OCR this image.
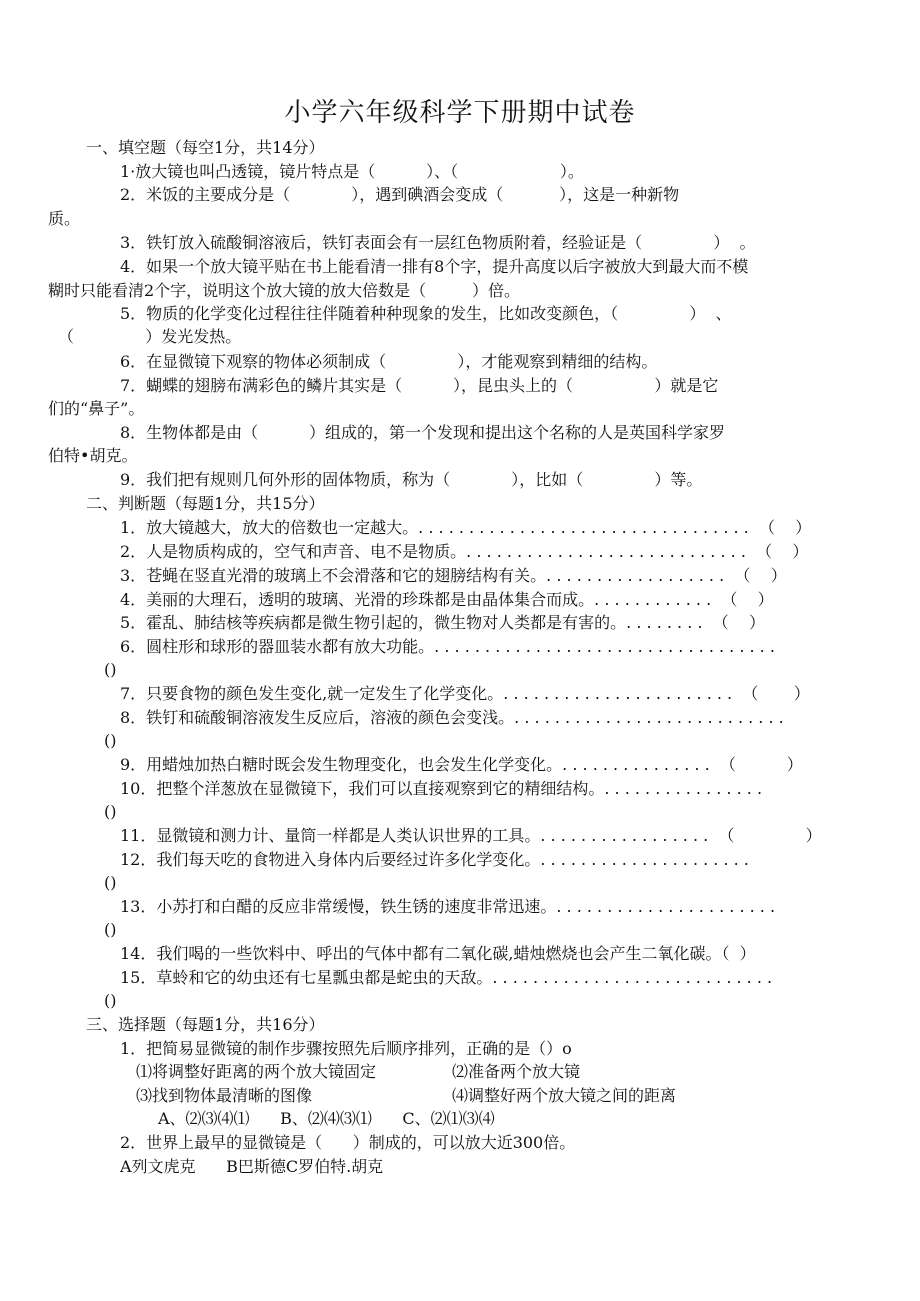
小学六年级科学下册期中试卷
一、填空题（每空1分，共14分）
1·放大镜也叫凸透镜，镜片特点是（          ）、（                    ）。
2．米饭的主要成分是（            ），遇到碘酒会变成（           ），这是一种新物
质。
3．铁钉放入硫酸铜溶液后，铁钉表面会有一层红色物质附着，经验证是（              ）  。
4．如果一个放大镜平贴在书上能看清一排有8个字，提升高度以后字被放大到最大而不模
糊时只能看清2个字，说明这个放大镜的放大倍数是（         ）倍。
5．物质的化学变化过程往往伴随着种种现象的发生，比如改变颜色，（              ）  、
（              ）发光发热。
6．在显微镜下观察的物体必须制成（              ），才能观察到精细的结构。
7．蝴蝶的翅膀布满彩色的鳞片其实是（          ），昆虫头上的（                ）就是它
们的“鼻子”。
8．生物体都是由（          ）组成的，第一个发现和提出这个名称的人是英国科学家罗
伯特•胡克。
9．我们把有规则几何外形的固体物质，称为（            ），比如（              ）等。
二、判断题（每题1分，共15分）
1．放大镜越大，放大的倍数也一定越大。. . . . . . . . . . . . . . . . . . . . . . . . . . . . . . . . .  （    ）
2．人是物质构成的，空气和声音、电不是物质。. . . . . . . . . . . . . . . . . . . . . . . . . . . .  （    ）
3．苍蝇在竖直光滑的玻璃上不会滑落和它的翅膀结构有关。. . . . . . . . . . . . . . . . . .  （    ）
4．美丽的大理石，透明的玻璃、光滑的珍珠都是由晶体集合而成。. . . . . . . . . . . .  （    ）
5．霍乱、肺结核等疾病都是微生物引起的，微生物对人类都是有害的。. . . . . . . .  （    ）
6．圆柱形和球形的器皿装水都有放大功能。. . . . . . . . . . . . . . . . . . . . . . . . . . . . . . . . . .
()
7．只要食物的颜色发生变化,就一定发生了化学变化。. . . . . . . . . . . . . . . . . . . . . . .  （       ）
8．铁钉和硫酸铜溶液发生反应后，溶液的颜色会变浅。. . . . . . . . . . . . . . . . . . . . . . . . . . .
()
9．用蜡烛加热白糖时既会发生物理变化，也会发生化学变化。. . . . . . . . . . . . . . .  （          ）
10．把整个洋葱放在显微镜下，我们可以直接观察到它的精细结构。. . . . . . . . . . . . . . . .
()
11．显微镜和测力计、量筒一样都是人类认识世界的工具。. . . . . . . . . . . . . . . . .  （              ）
12．我们每天吃的食物进入身体内后要经过许多化学变化。. . . . . . . . . . . . . . . . . . . . .
()
13．小苏打和白醋的反应非常缓慢，铁生锈的速度非常迅速。. . . . . . . . . . . . . . . . . . . . . .
()
14．我们喝的一些饮料中、呼出的气体中都有二氧化碳,蜡烛燃烧也会产生二氧化碳。（  ）
15．草蛉和它的幼虫还有七星瓢虫都是蛇虫的天敌。. . . . . . . . . . . . . . . . . . . . . . . . . . . .
()
三、选择题（每题1分，共16分）
1．把简易显微镜的制作步骤按照先后顺序排列，正确的是（）o
⑴将调整好距离的两个放大镜固定	⑵准备两个放大镜
⑶找到物体最清晰的图像	⑷调整好两个放大镜之间的距离
A、⑵⑶⑷⑴      B、⑵⑷⑶⑴      C、⑵⑴⑶⑷
2．世界上最早的显微镜是（      ）制成的，可以放大近300倍。
A列文虎克      B巴斯德C罗伯特.胡克
